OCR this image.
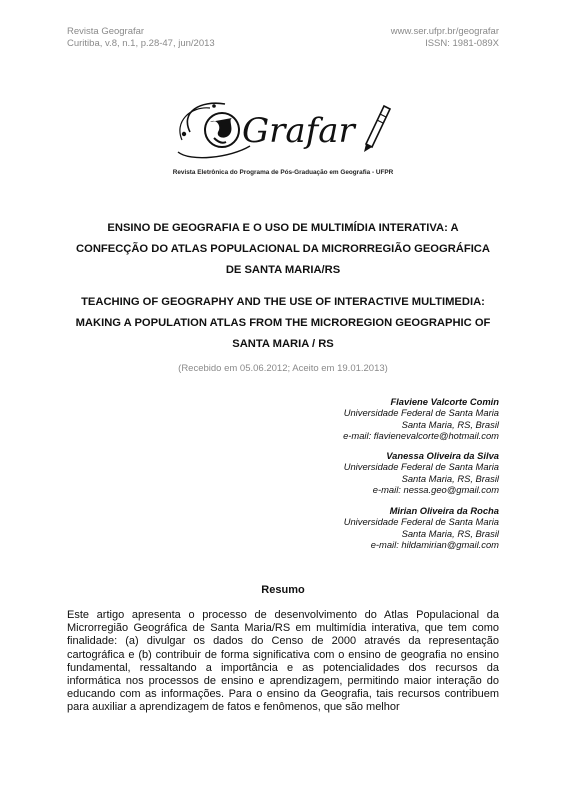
Revista Geografar
Curitiba, v.8, n.1, p.28-47, jun/2013
www.ser.ufpr.br/geografar
ISSN: 1981-089X
Grafar
Revista Eletrônica do Programa de Pós-Graduação em Geografia - UFPR
ENSINO DE GEOGRAFIA E O USO DE MULTIMÍDIA INTERATIVA: A
CONFECÇÃO DO ATLAS POPULACIONAL DA MICRORREGIÃO GEOGRÁFICA
DE SANTA MARIA/RS
TEACHING OF GEOGRAPHY AND THE USE OF INTERACTIVE MULTIMEDIA:
MAKING A POPULATION ATLAS FROM THE MICROREGION GEOGRAPHIC OF
SANTA MARIA / RS
(Recebido em 05.06.2012; Aceito em 19.01.2013)
Flaviene Valcorte Comin
Universidade Federal de Santa Maria
Santa Maria, RS, Brasil
e-mail: flavienevalcorte@hotmail.com
Vanessa Oliveira da Silva
Universidade Federal de Santa Maria
Santa Maria, RS, Brasil
e-mail: nessa.geo@gmail.com
Mirian Oliveira da Rocha
Universidade Federal de Santa Maria
Santa Maria, RS, Brasil
e-mail: hildamirian@gmail.com
Resumo

Este artigo apresenta o processo de desenvolvimento do Atlas Populacional da Microrregião Geográfica de Santa Maria/RS em multimídia interativa, que tem como finalidade: (a) divulgar os dados do Censo de 2000 através da representação cartográfica e (b) contribuir de forma significativa com o ensino de geografia no ensino fundamental, ressaltando a importância e as potencialidades dos recursos da informática nos processos de ensino e aprendizagem, permitindo maior interação do educando com as informações. Para o ensino da Geografia, tais recursos contribuem para auxiliar a aprendizagem de fatos e fenômenos, que são melhor
